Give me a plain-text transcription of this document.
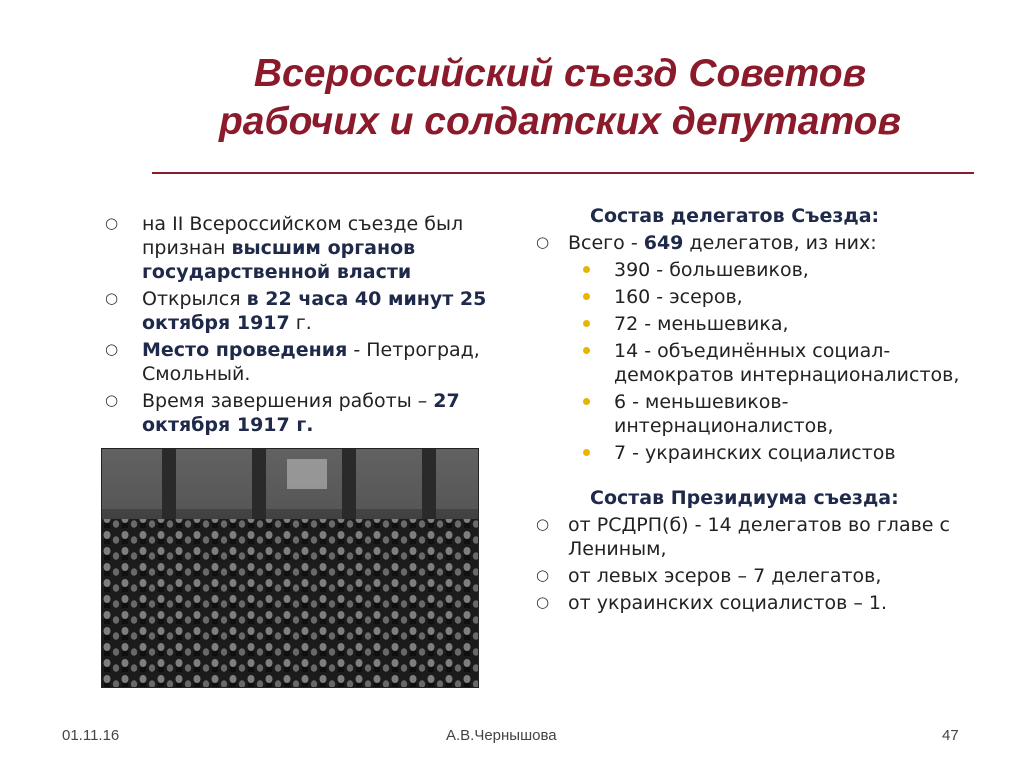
Всероссийский съезд Советов
рабочих и солдатских депутатов
○ на II Всероссийском съезде был признан высшим органов государственной власти
○ Открылся в 22 часа 40 минут 25 октября 1917 г.
○ Место проведения - Петроград, Смольный.
○ Время завершения работы – 27 октября 1917 г.
Состав делегатов Съезда:
○ Всего - 649 делегатов, из них:
390 - большевиков,
160 - эсеров,
72 - меньшевика,
14 - объединённых социал-демократов интернационалистов,
6 - меньшевиков-интернационалистов,
7 - украинских социалистов
Состав Президиума съезда:
○ от РСДРП(б) - 14 делегатов во главе с Лениным,
○ от левых эсеров – 7 делегатов,
○ от украинских социалистов – 1.
01.11.16	А.В.Чернышова	47
